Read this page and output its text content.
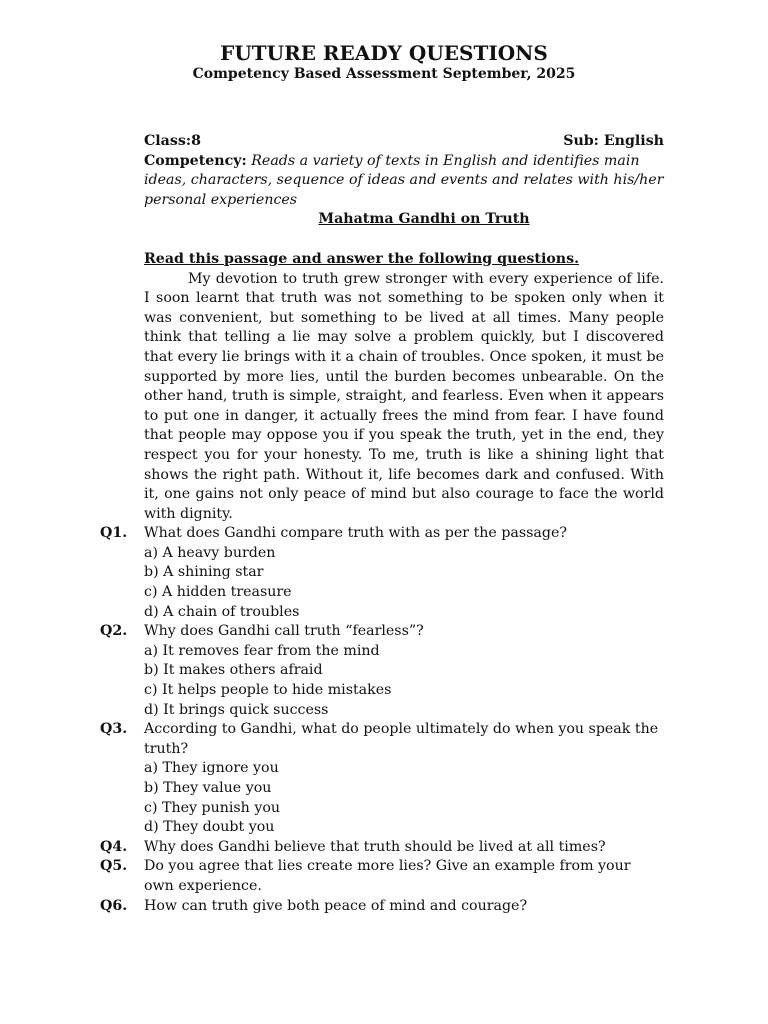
FUTURE READY QUESTIONS
Competency Based Assessment September, 2025
Class:8	Sub: English

Competency: Reads a variety of texts in English and identifies main ideas, characters, sequence of ideas and events and relates with his/her personal experiences

Mahatma Gandhi on Truth
Read this passage and answer the following questions.

My devotion to truth grew stronger with every experience of life. I soon learnt that truth was not something to be spoken only when it was convenient, but something to be lived at all times. Many people think that telling a lie may solve a problem quickly, but I discovered that every lie brings with it a chain of troubles. Once spoken, it must be supported by more lies, until the burden becomes unbearable. On the other hand, truth is simple, straight, and fearless. Even when it appears to put one in danger, it actually frees the mind from fear. I have found that people may oppose you if you speak the truth, yet in the end, they respect you for your honesty. To me, truth is like a shining light that shows the right path. Without it, life becomes dark and confused. With it, one gains not only peace of mind but also courage to face the world with dignity.

Q1. What does Gandhi compare truth with as per the passage?

a) A heavy burden

b) A shining star

c) A hidden treasure

d) A chain of troubles

Q2. Why does Gandhi call truth “fearless”?

a) It removes fear from the mind

b) It makes others afraid

c) It helps people to hide mistakes

d) It brings quick success

Q3. According to Gandhi, what do people ultimately do when you speak the truth?

a) They ignore you

b) They value you

c) They punish you

d) They doubt you

Q4. Why does Gandhi believe that truth should be lived at all times?

Q5. Do you agree that lies create more lies? Give an example from your own experience.

Q6. How can truth give both peace of mind and courage?
